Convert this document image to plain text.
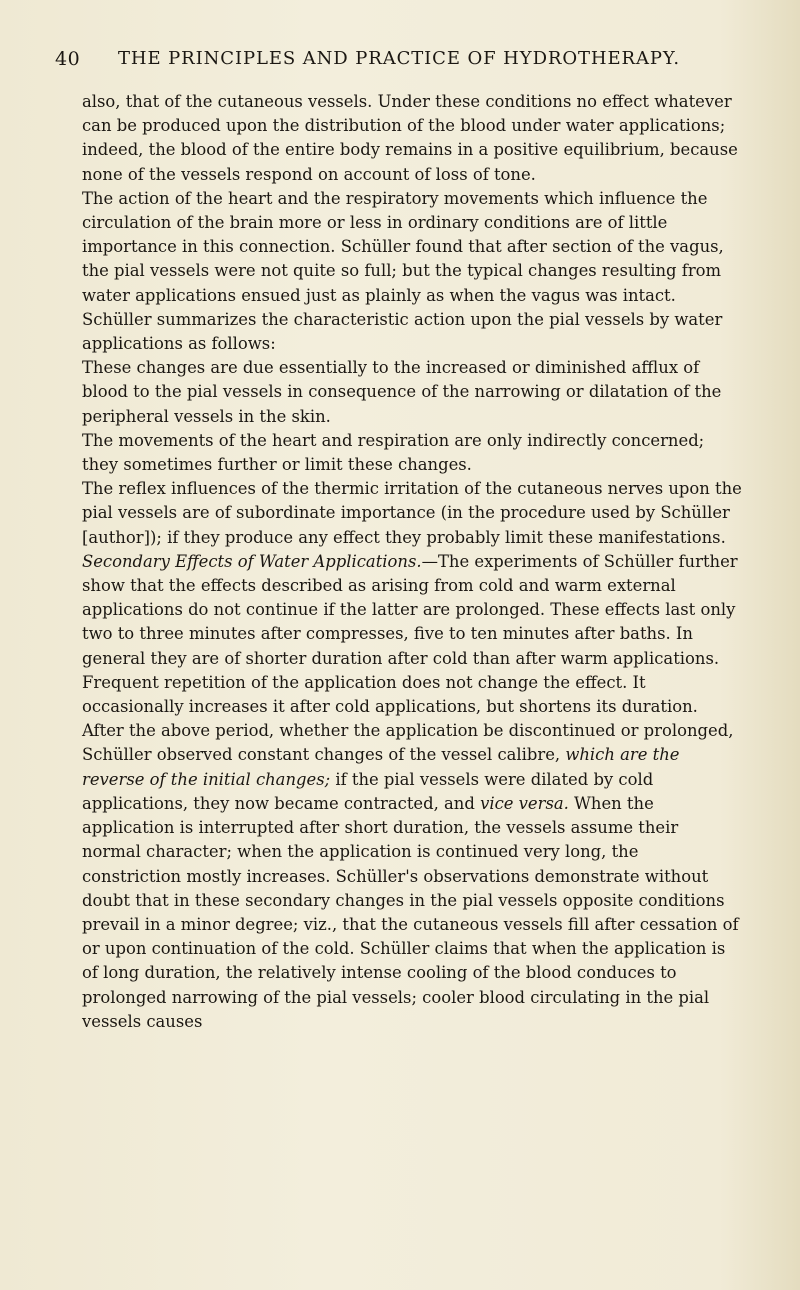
40 THE PRINCIPLES AND PRACTICE OF HYDROTHERAPY.

also, that of the cutaneous vessels. Under these conditions no effect whatever can be produced upon the distribution of the blood under water applications; indeed, the blood of the entire body remains in a positive equilibrium, because none of the vessels respond on account of loss of tone.

The action of the heart and the respiratory movements which influence the circulation of the brain more or less in ordinary conditions are of little importance in this connection. Schüller found that after section of the vagus, the pial vessels were not quite so full; but the typical changes resulting from water applications ensued just as plainly as when the vagus was intact.

Schüller summarizes the characteristic action upon the pial vessels by water applications as follows:

These changes are due essentially to the increased or diminished afflux of blood to the pial vessels in consequence of the narrowing or dilatation of the peripheral vessels in the skin.

The movements of the heart and respiration are only indirectly concerned; they sometimes further or limit these changes.

The reflex influences of the thermic irritation of the cutaneous nerves upon the pial vessels are of subordinate importance (in the procedure used by Schüller [author]); if they produce any effect they probably limit these manifestations.

Secondary Effects of Water Applications.—The experiments of Schüller further show that the effects described as arising from cold and warm external applications do not continue if the latter are prolonged. These effects last only two to three minutes after compresses, five to ten minutes after baths. In general they are of shorter duration after cold than after warm applications. Frequent repetition of the application does not change the effect. It occasionally increases it after cold applications, but shortens its duration. After the above period, whether the application be discontinued or prolonged, Schüller observed constant changes of the vessel calibre, which are the reverse of the initial changes; if the pial vessels were dilated by cold applications, they now became contracted, and vice versa. When the application is interrupted after short duration, the vessels assume their normal character; when the application is continued very long, the constriction mostly increases. Schüller's observations demonstrate without doubt that in these secondary changes in the pial vessels opposite conditions prevail in a minor degree; viz., that the cutaneous vessels fill after cessation of or upon continuation of the cold. Schüller claims that when the application is of long duration, the relatively intense cooling of the blood conduces to prolonged narrowing of the pial vessels; cooler blood circulating in the pial vessels causes
